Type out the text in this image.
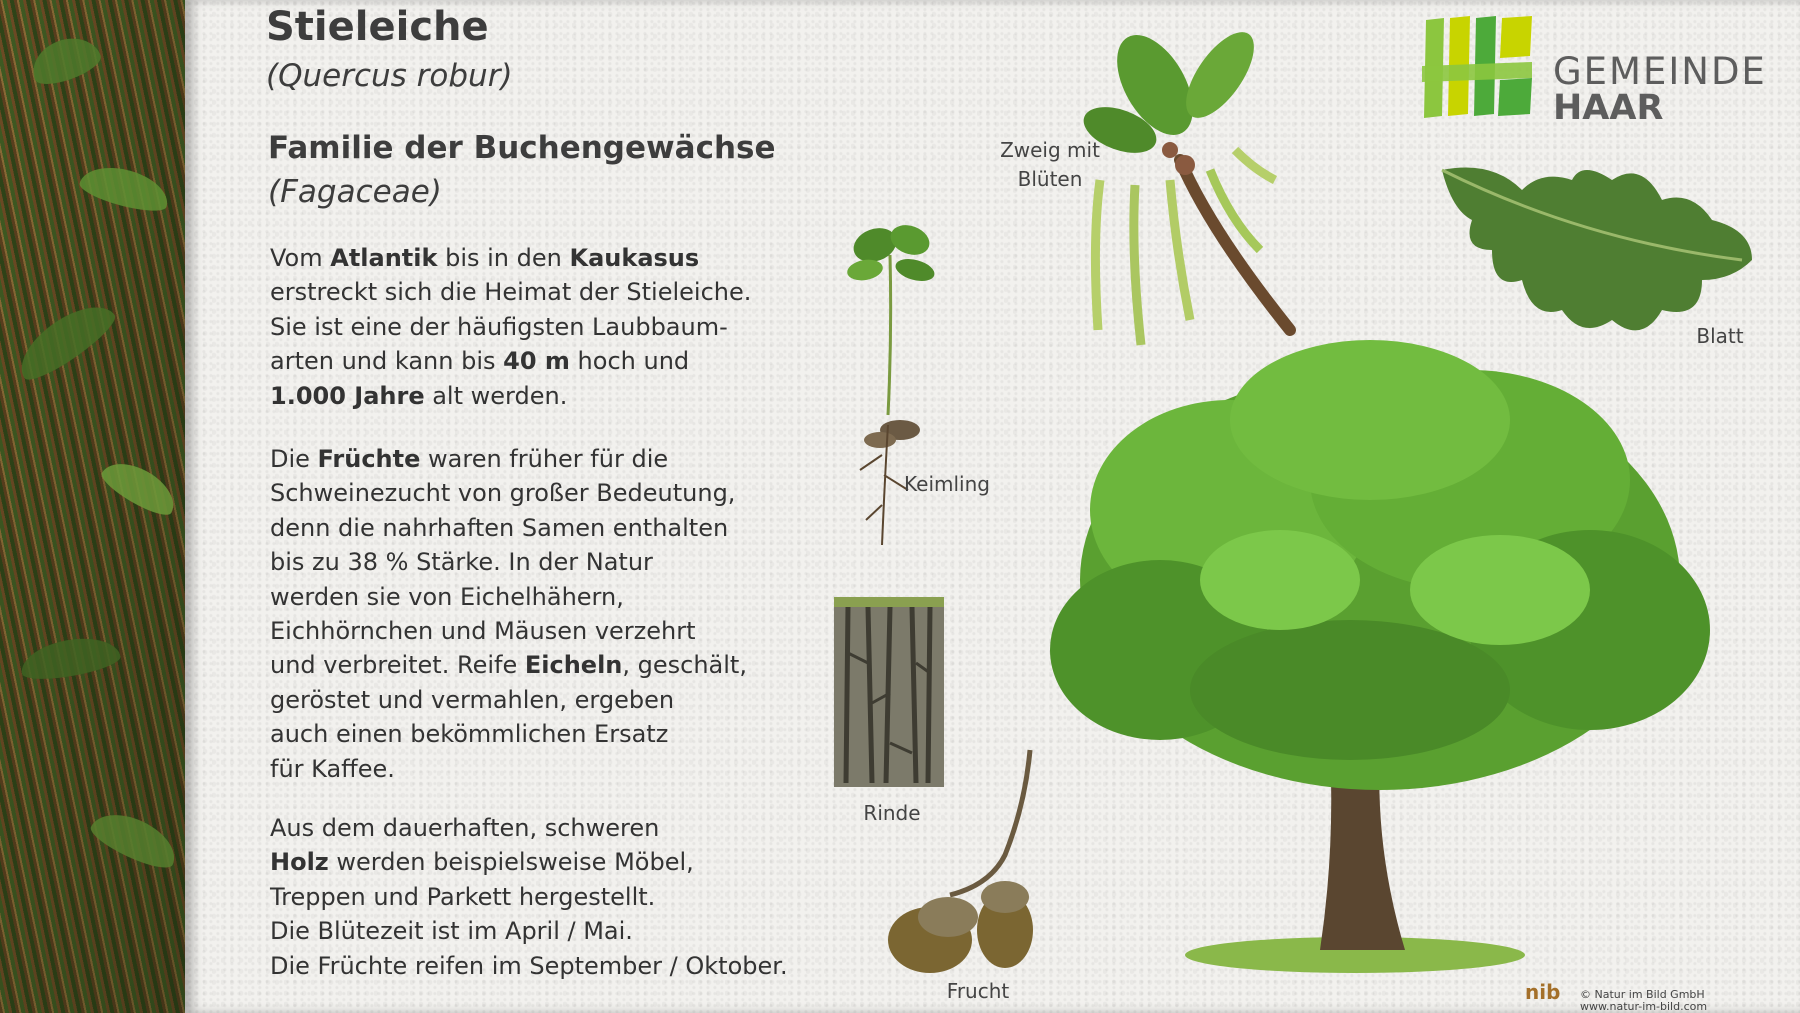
Stieleiche
(Quercus robur)
Familie der Buchengewächse
(Fagaceae)
Vom Atlantik bis in den Kaukasus
erstreckt sich die Heimat der Stieleiche.
Sie ist eine der häufigsten Laubbaum-
arten und kann bis 40 m hoch und
1.000 Jahre alt werden.
Die Früchte waren früher für die
Schweinezucht von großer Bedeutung,
denn die nahrhaften Samen enthalten
bis zu 38 % Stärke. In der Natur
werden sie von Eichelhähern,
Eichhörnchen und Mäusen verzehrt
und verbreitet. Reife Eicheln, geschält,
geröstet und vermahlen, ergeben
auch einen bekömmlichen Ersatz
für Kaffee.
Aus dem dauerhaften, schweren
Holz werden beispielsweise Möbel,
Treppen und Parkett hergestellt.
Die Blütezeit ist im April / Mai.
Die Früchte reifen im September / Oktober.
Zweig mit
Blüten
Keimling
Rinde
Frucht
Blatt
GEMEINDE
HAAR
nib © Natur im Bild GmbH
www.natur-im-bild.com
